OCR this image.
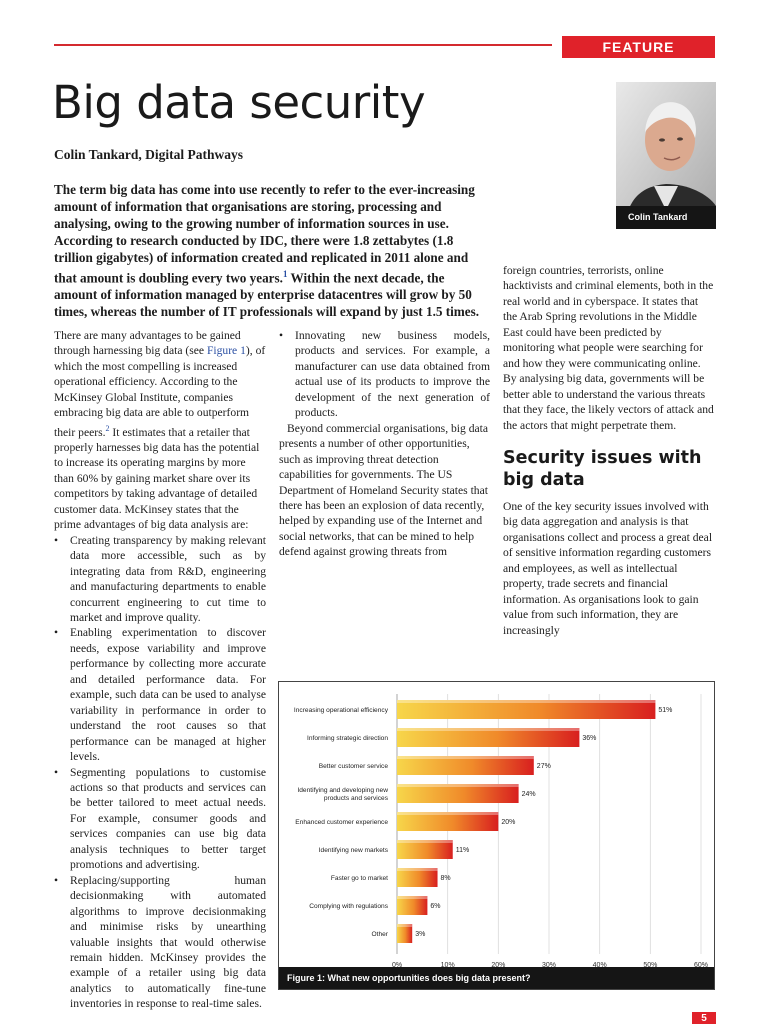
FEATURE
Big data security
Colin Tankard, Digital Pathways
Colin Tankard

The term big data has come into use recently to refer to the ever-increasing amount of information that organisations are storing, processing and analysing, owing to the growing number of information sources in use. According to research conducted by IDC, there were 1.8 zettabytes (1.8 trillion gigabytes) of information created and replicated in 2011 alone and that amount is doubling every two years.$^1$ Within the next decade, the amount of information managed by enterprise datacentres will grow by 50 times, whereas the number of IT professionals will expand by just 1.5 times.

There are many advantages to be gained through harnessing big data (see Figure 1), of which the most compelling is increased operational efficiency. According to the McKinsey Global Institute, companies embracing big data are able to outperform their peers.$^2$ It estimates that a retailer that properly harnesses big data has the potential to increase its operating margins by more than 60% by gaining market share over its competitors by taking advantage of detailed customer data. McKinsey states that the prime advantages of big data analysis are:

• Creating transparency by making relevant data more accessible, such as by integrating data from R&D, engineering and manufacturing departments to enable concurrent engineering to cut time to market and improve quality.
• Enabling experimentation to discover needs, expose variability and improve performance by collecting more accurate and detailed performance data. For example, such data can be used to analyse variability in performance in order to understand the root causes so that performance can be managed at higher levels.
• Segmenting populations to customise actions so that products and services can be better tailored to meet actual needs. For example, consumer goods and services companies can use big data analysis techniques to better target promotions and advertising.
• Replacing/supporting human decisionmaking with automated algorithms to improve decisionmaking and minimise risks by unearthing valuable insights that would otherwise remain hidden. McKinsey provides the example of a retailer using big data analytics to automatically fine-tune inventories in response to real-time sales.
• Innovating new business models, products and services. For example, a manufacturer can use data obtained from actual use of its products to improve the development of the next generation of products.

Beyond commercial organisations, big data presents a number of other opportunities, such as improving threat detection capabilities for governments. The US Department of Homeland Security states that there has been an explosion of data recently, helped by expanding use of the Internet and social networks, that can be mined to help defend against growing threats from

foreign countries, terrorists, online hacktivists and criminal elements, both in the real world and in cyberspace. It states that the Arab Spring revolutions in the Middle East could have been predicted by monitoring what people were searching for and how they were communicating online. By analysing big data, governments will be better able to understand the various threats that they face, the likely vectors of attack and the actors that might perpetrate them.

Security issues with big data

One of the key security issues involved with big data aggregation and analysis is that organisations collect and process a great deal of sensitive information regarding customers and employees, as well as intellectual property, trade secrets and financial information. As organisations look to gain value from such information, they are increasingly

0%	10%	20%	30%	40%	50%	60%
51%
Increasing operational efficiency
36%
Informing strategic direction
27%
Better customer service
24%
Identifying and developing new products and services
20%
Enhanced customer experience
11%
Identifying new markets
8%
Faster go to market
6%
Complying with regulations
3%
Other
Figure 1: What new opportunities does big data present?
5
